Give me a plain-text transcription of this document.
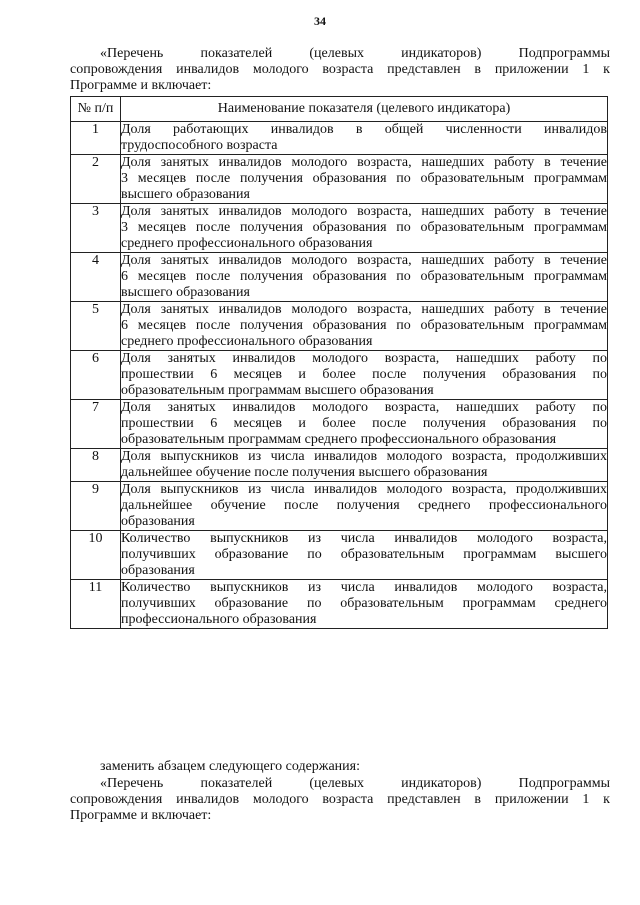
34
«Перечень показателей (целевых индикаторов) Подпрограммы
сопровождения инвалидов молодого возраста представлен в приложении 1 к
Программе и включает:
№ п/п	Наименование показателя (целевого индикатора)
1	Доля работающих инвалидов в общей численности инвалидов
трудоспособного возраста

2	Доля занятых инвалидов молодого возраста, нашедших работу в течение
3 месяцев после получения образования по образовательным программам
высшего образования

3	Доля занятых инвалидов молодого возраста, нашедших работу в течение
3 месяцев после получения образования по образовательным программам
среднего профессионального образования

4	Доля занятых инвалидов молодого возраста, нашедших работу в течение
6 месяцев после получения образования по образовательным программам
высшего образования

5	Доля занятых инвалидов молодого возраста, нашедших работу в течение
6 месяцев после получения образования по образовательным программам
среднего профессионального образования

6	Доля занятых инвалидов молодого возраста, нашедших работу по
прошествии 6 месяцев и более после получения образования по
образовательным программам высшего образования

7	Доля занятых инвалидов молодого возраста, нашедших работу по
прошествии 6 месяцев и более после получения образования по
образовательным программам среднего профессионального образования

8	Доля выпускников из числа инвалидов молодого возраста, продолживших
дальнейшее обучение после получения высшего образования

9	Доля выпускников из числа инвалидов молодого возраста, продолживших
дальнейшее обучение после получения среднего профессионального
образования

10	Количество выпускников из числа инвалидов молодого возраста,
получивших образование по образовательным программам высшего
образования

11	Количество выпускников из числа инвалидов молодого возраста,
получивших образование по образовательным программам среднего
профессионального образования
заменить абзацем следующего содержания:
«Перечень показателей (целевых индикаторов) Подпрограммы
сопровождения инвалидов молодого возраста представлен в приложении 1 к
Программе и включает:
